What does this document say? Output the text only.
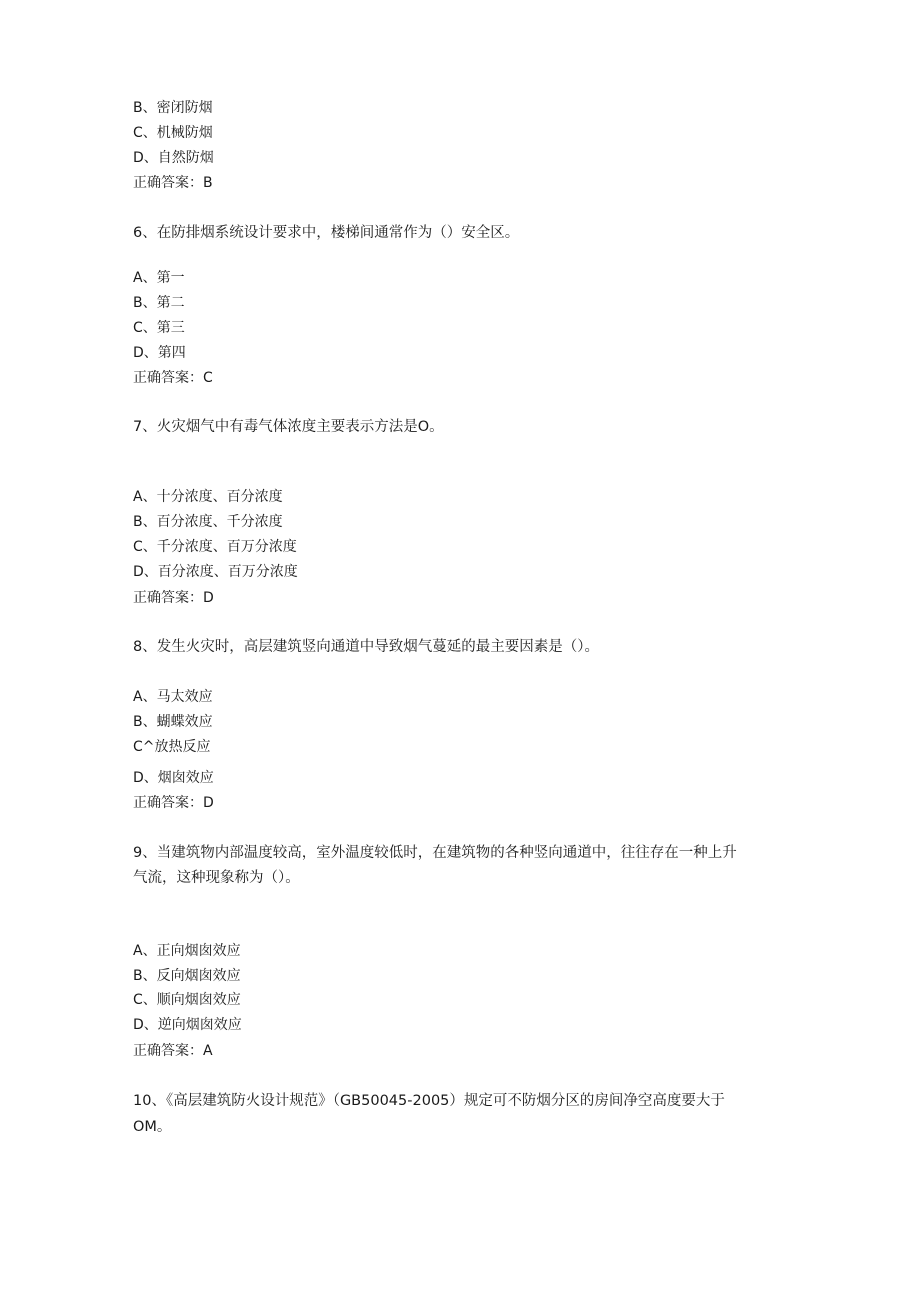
B、密闭防烟
C、机械防烟
D、自然防烟
正确答案：B
6、在防排烟系统设计要求中，楼梯间通常作为（）安全区。
A、第一
B、第二
C、第三
D、第四
正确答案：C
7、火灾烟气中有毒气体浓度主要表示方法是O。
A、十分浓度、百分浓度
B、百分浓度、千分浓度
C、千分浓度、百万分浓度
D、百分浓度、百万分浓度
正确答案：D
8、发生火灾时，高层建筑竖向通道中导致烟气蔓延的最主要因素是（）。
A、马太效应
B、蝴蝶效应
C^放热反应
D、烟囱效应
正确答案：D
9、当建筑物内部温度较高，室外温度较低时，在建筑物的各种竖向通道中，往往存在一种上升
气流，这种现象称为（）。
A、正向烟囱效应
B、反向烟囱效应
C、顺向烟囱效应
D、逆向烟囱效应
正确答案：A
10、《高层建筑防火设计规范》（GB50045-2005）规定可不防烟分区的房间净空高度要大于
OM。
